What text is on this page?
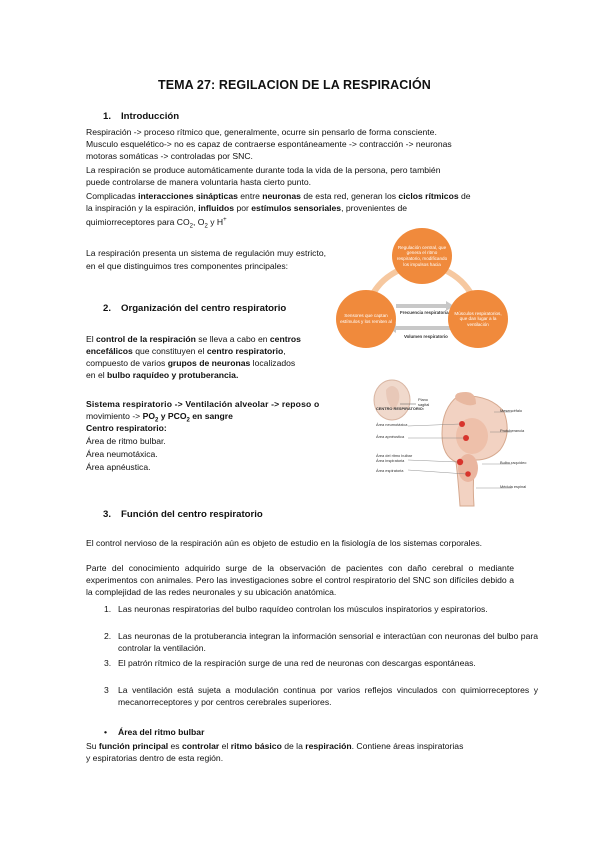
TEMA 27: REGILACION DE LA RESPIRACIÓN
1. Introducción
Respiración -> proceso rítmico que, generalmente, ocurre sin pensarlo de forma consciente.
Musculo esquelético-> no es capaz de contraerse espontáneamente -> contracción -> neuronas
motoras somáticas -> controladas por SNC.
La respiración se produce automáticamente durante toda la vida de la persona, pero también
puede controlarse de manera voluntaria hasta cierto punto.
Complicadas interacciones sinápticas entre neuronas de esta red, generan los ciclos rítmicos de
la inspiración y la espiración, influidos por estímulos sensoriales, provenientes de
quimiorreceptores para $CO_2$, $O_2$ y H+
La respiración presenta un sistema de regulación muy estricto, en el que distinguimos tres componentes principales:
2. Organización del centro respiratorio
El control de la respiración se lleva a cabo en centros
encefálicos que constituyen el centro respiratorio,
compuesto de varios grupos de neuronas localizados
en el bulbo raquídeo y protuberancia.
Sistema respiratorio -> Ventilación alveolar -> reposo o
movimiento -> $PO_2$ y $PCO_2$ en sangre
Centro respiratorio:
Área de ritmo bulbar.
Área neumotáxica.
Área apnéustica.
Regulación central, que genera el ritmo respiratorio, modificando los impulsos hacia
Músculos respiratorios, que dan lugar a la ventilación
Sensores que captan estímulos y los remiten al
Frecuencia respiratoria
Volumen respiratorio
Plano sagital
CENTRO RESPIRATORIO:
Área neumotáxica
Área apnéustica
Área del ritmo bulbar
Área inspiratoria
Área espiratoria
Mesencéfalo
Protuberancia
Bulbo raquídeo
Médula espinal
3. Función del centro respiratorio
El control nervioso de la respiración aún es objeto de estudio en la fisiología de los sistemas corporales.
Parte del conocimiento adquirido surge de la observación de pacientes con daño cerebral o mediante experimentos con animales. Pero las investigaciones sobre el control respiratorio del SNC son difíciles debido a la complejidad de las redes neuronales y su ubicación anatómica.
1. Las neuronas respiratorias del bulbo raquídeo controlan los músculos inspiratorios y espiratorios.
2. Las neuronas de la protuberancia integran la información sensorial e interactúan con neuronas del bulbo para controlar la ventilación.
3. El patrón rítmico de la respiración surge de una red de neuronas con descargas espontáneas.
3 La ventilación está sujeta a modulación continua por varios reflejos vinculados con quimiorreceptores y mecanorreceptores y por centros cerebrales superiores.
• Área del ritmo bulbar
Su función principal es controlar el ritmo básico de la respiración. Contiene áreas inspiratorias
y espiratorias dentro de esta región.
